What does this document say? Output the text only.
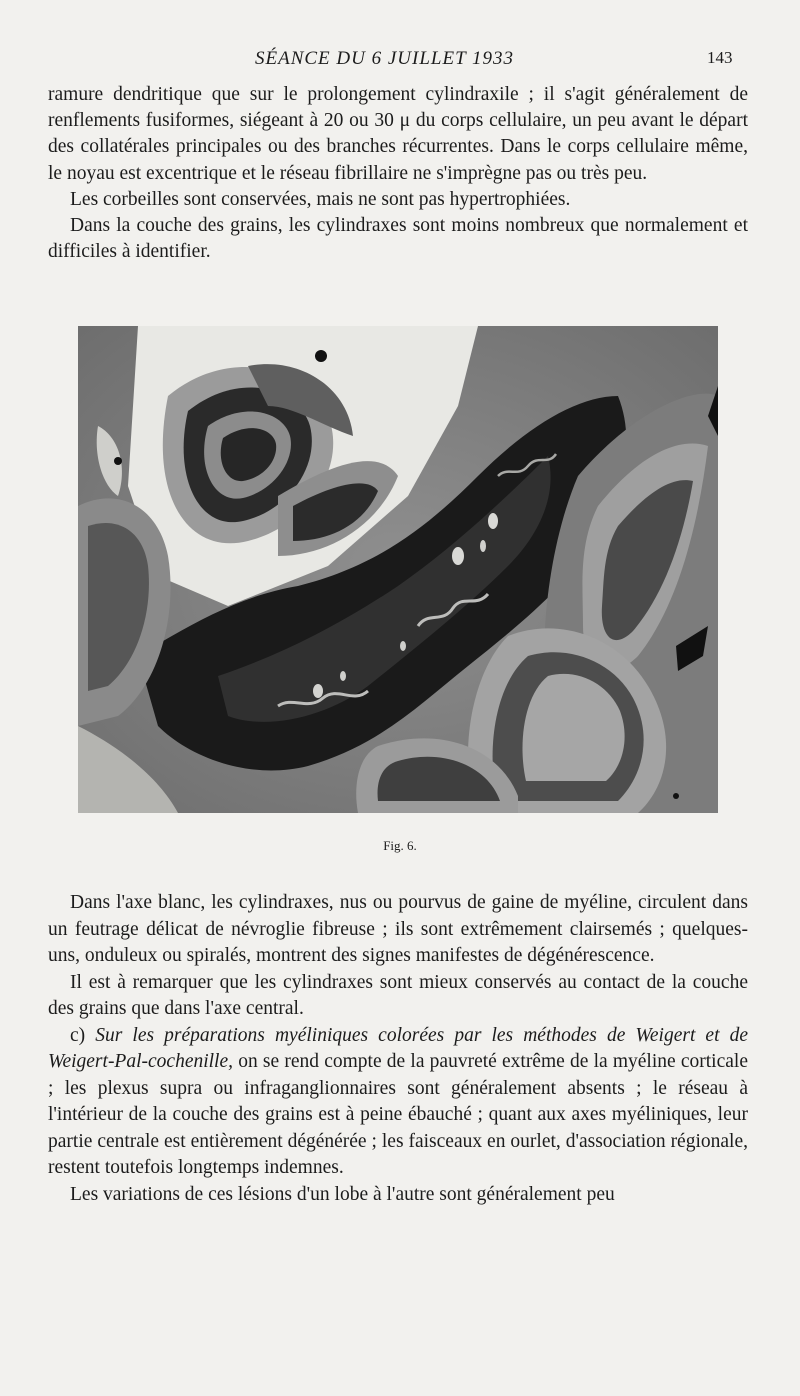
SÉANCE DU 6 JUILLET 1933	143

ramure dendritique que sur le prolongement cylindraxile ; il s'agit généralement de renflements fusiformes, siégeant à 20 ou 30 μ du corps cellulaire, un peu avant le départ des collatérales principales ou des branches récurrentes. Dans le corps cellulaire même, le noyau est excentrique et le réseau fibrillaire ne s'imprègne pas ou très peu.

Les corbeilles sont conservées, mais ne sont pas hypertrophiées.

Dans la couche des grains, les cylindraxes sont moins nombreux que normalement et difficiles à identifier.

Fig. 6.

Dans l'axe blanc, les cylindraxes, nus ou pourvus de gaine de myéline, circulent dans un feutrage délicat de névroglie fibreuse ; ils sont extrêmement clairsemés ; quelques-uns, onduleux ou spiralés, montrent des signes manifestes de dégénérescence.

Il est à remarquer que les cylindraxes sont mieux conservés au contact de la couche des grains que dans l'axe central.

c) Sur les préparations myéliniques colorées par les méthodes de Weigert et de Weigert-Pal-cochenille, on se rend compte de la pauvreté extrême de la myéline corticale ; les plexus supra ou infraganglionnaires sont généralement absents ; le réseau à l'intérieur de la couche des grains est à peine ébauché ; quant aux axes myéliniques, leur partie centrale est entièrement dégénérée ; les faisceaux en ourlet, d'association régionale, restent toutefois longtemps indemnes.

Les variations de ces lésions d'un lobe à l'autre sont généralement peu
